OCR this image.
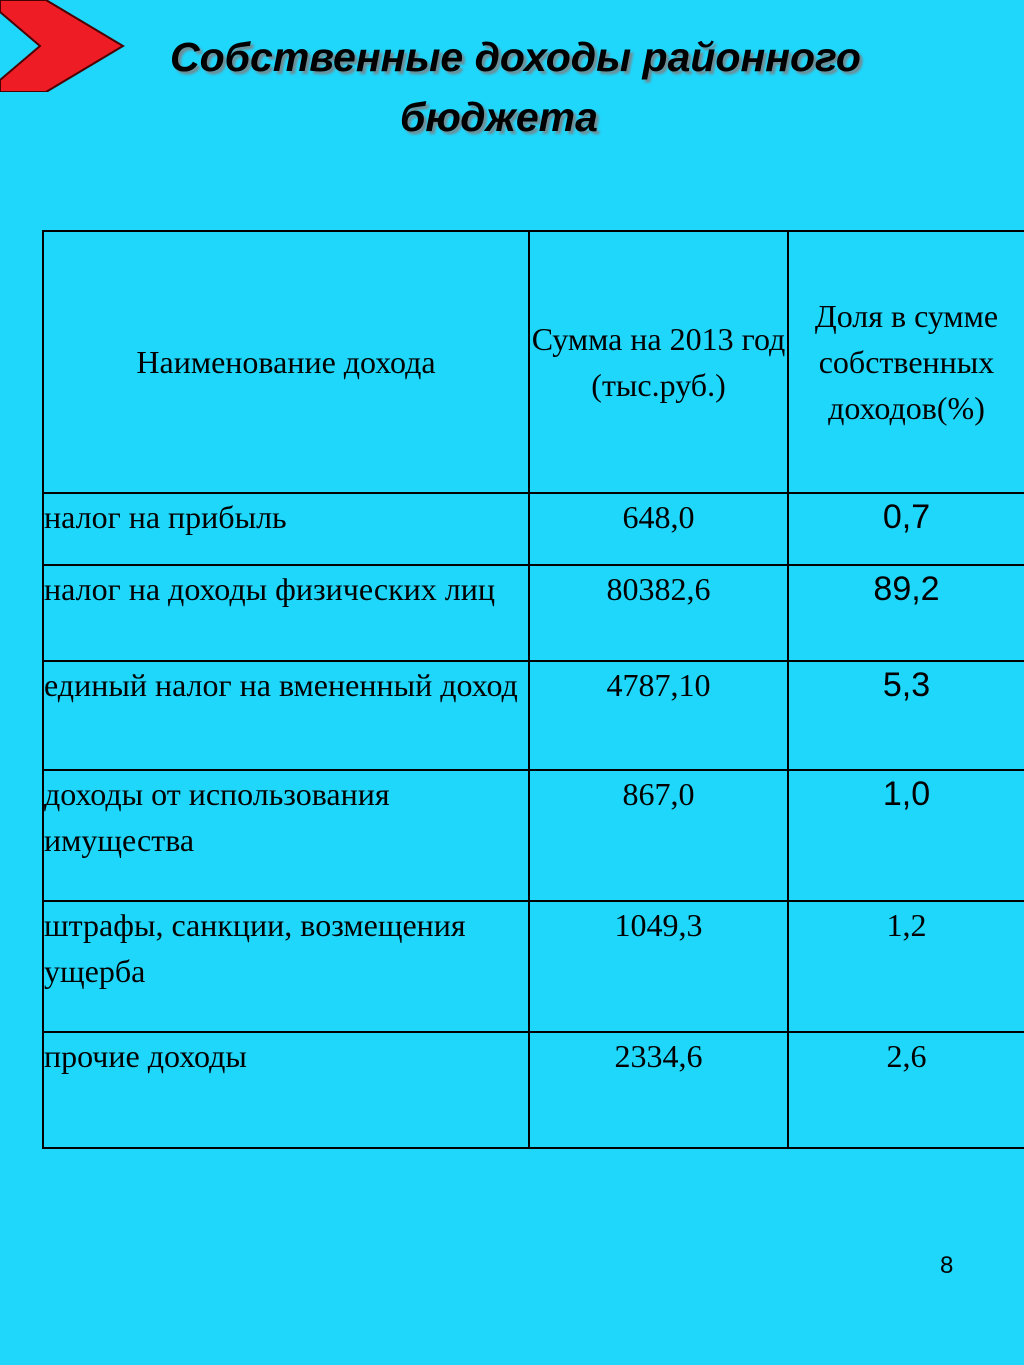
Собственные доходы районного
бюджета
Наименование дохода	Сумма на 2013 год (тыс.руб.)	Доля в сумме собственных доходов(%)
налог на прибыль	648,0	0,7
налог на доходы физических лиц	80382,6	89,2
единый налог на вмененный доход	4787,10	5,3
доходы от использования имущества	867,0	1,0
штрафы, санкции, возмещения ущерба	1049,3	1,2
прочие доходы	2334,6	2,6
8
